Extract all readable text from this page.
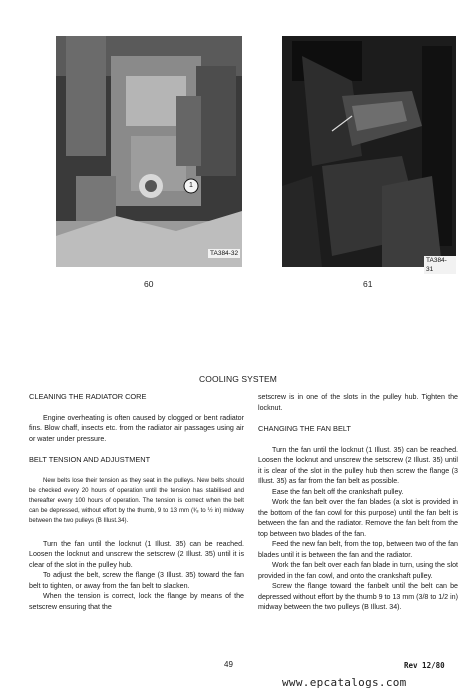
1
TA384-32
60
TA384-31
61
COOLING SYSTEM
CLEANING THE RADIATOR CORE

Engine overheating is often caused by clogged or bent radiator fins. Blow chaff, insects etc. from the radiator air passages using air or water under pressure.

BELT TENSION AND ADJUSTMENT

New belts lose their tension as they seat in the pulleys. New belts should be checked every 20 hours of operation until the tension has stabilised and thereafter every 100 hours of operation. The tension is correct when the belt can be depressed, without effort by the thumb, 9 to 13 mm (³⁄₈ to ½ in) midway between the two pulleys (B Illust.34).

Turn the fan until the locknut (1 Illust. 35) can be reached. Loosen the locknut and unscrew the setscrew (2 Illust. 35) until it is clear of the slot in the pulley hub.

To adjust the belt, screw the flange (3 Illust. 35) toward the fan belt to tighten, or away from the fan belt to slacken.

When the tension is correct, lock the flange by means of the setscrew ensuring that the

setscrew is in one of the slots in the pulley hub. Tighten the locknut.

CHANGING THE FAN BELT

Turn the fan until the locknut (1 Illust. 35) can be reached. Loosen the locknut and unscrew the setscrew (2 Illust. 35) until it is clear of the slot in the pulley hub then screw the flange (3 Illust. 35) as far from the fan belt as possible.

Ease the fan belt off the crankshaft pulley.

Work the fan belt over the fan blades (a slot is provided in the bottom of the fan cowl for this purpose) until the fan belt is between the fan and the radiator. Remove the fan belt from the top between two blades of the fan.

Feed the new fan belt, from the top, between two of the fan blades until it is between the fan and the radiator.

Work the fan belt over each fan blade in turn, using the slot provided in the fan cowl, and onto the crankshaft pulley.

Screw the flange toward the fanbelt until the belt can be depressed without effort by the thumb 9 to 13 mm (3/8 to 1/2 in) midway between the two pulleys (B Illust. 34).

49	Rev 12/80
www.epcatalogs.com
